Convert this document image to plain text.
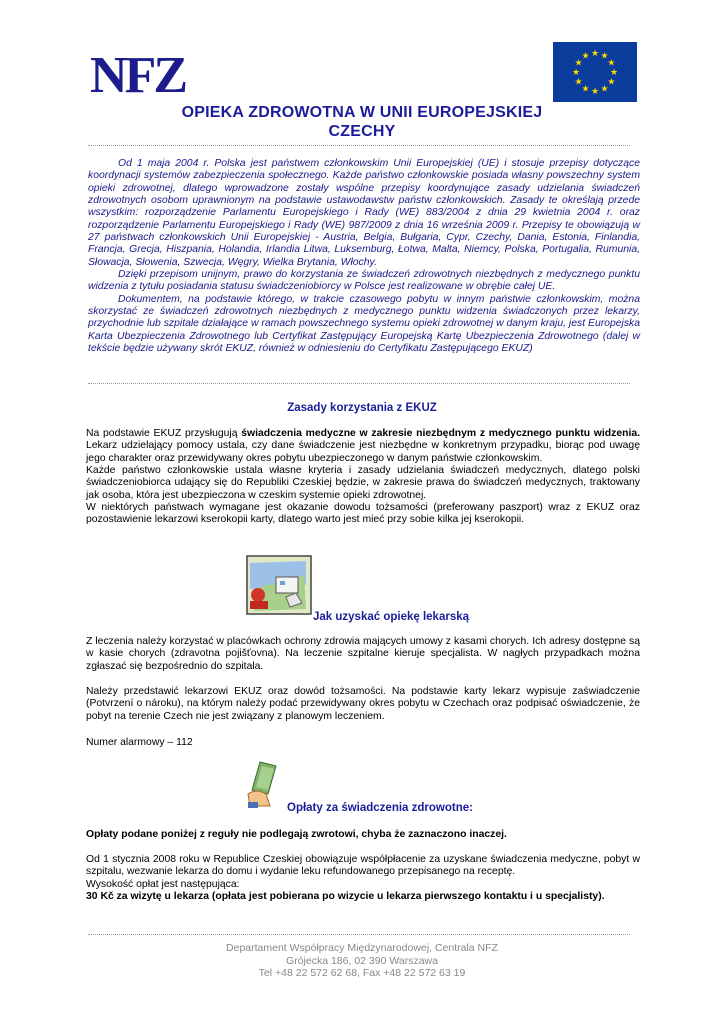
NFZ	★ ★
★
★
★
★
★
★
★
★
★
★
OPIEKA ZDROWOTNA W UNII EUROPEJSKIEJ
CZECHY

Od 1 maja 2004 r. Polska jest państwem członkowskim Unii Europejskiej (UE) i stosuje przepisy dotyczące koordynacji systemów zabezpieczenia społecznego. Każde państwo członkowskie posiada własny powszechny system opieki zdrowotnej, dlatego wprowadzone zostały wspólne przepisy koordynujące zasady udzielania świadczeń zdrowotnych osobom uprawnionym na podstawie ustawodawstw państw członkowskich. Zasady te określają przede wszystkim: rozporządzenie Parlamentu Europejskiego i Rady (WE) 883/2004 z dnia 29 kwietnia 2004 r. oraz rozporządzenie Parlamentu Europejskiego i Rady (WE) 987/2009 z dnia 16 września 2009 r. Przepisy te obowiązują w 27 państwach członkowskich Unii Europejskiej - Austria, Belgia, Bułgaria, Cypr, Czechy, Dania, Estonia, Finlandia, Francja, Grecja, Hiszpania, Holandia, Irlandia Litwa, Luksemburg, Łotwa, Malta, Niemcy, Polska, Portugalia, Rumunia, Słowacja, Słowenia, Szwecja, Węgry, Wielka Brytania, Włochy.

Dzięki przepisom unijnym, prawo do korzystania ze świadczeń zdrowotnych niezbędnych z medycznego punktu widzenia z tytułu posiadania statusu świadczeniobiorcy w Polsce jest realizowane w obrębie całej UE.

Dokumentem, na podstawie którego, w trakcie czasowego pobytu w innym państwie członkowskim, można skorzystać ze świadczeń zdrowotnych niezbędnych z medycznego punktu widzenia świadczonych przez lekarzy, przychodnie lub szpitale działające w ramach powszechnego systemu opieki zdrowotnej w danym kraju, jest Europejska Karta Ubezpieczenia Zdrowotnego lub Certyfikat Zastępujący Europejską Kartę Ubezpieczenia Zdrowotnego (dalej w tekście będzie używany skrót EKUZ, również w odniesieniu do Certyfikatu Zastępującego EKUZ)

Zasady korzystania z EKUZ

Na podstawie EKUZ przysługują świadczenia medyczne w zakresie niezbędnym z medycznego punktu widzenia. Lekarz udzielający pomocy ustala, czy dane świadczenie jest niezbędne w konkretnym przypadku, biorąc pod uwagę jego charakter oraz przewidywany okres pobytu ubezpieczonego w danym państwie członkowskim.

Każde państwo członkowskie ustala własne kryteria i zasady udzielania świadczeń medycznych, dlatego polski świadczeniobiorca udający się do Republiki Czeskiej będzie, w zakresie prawa do świadczeń medycznych, traktowany jak osoba, która jest ubezpieczona w czeskim systemie opieki zdrowotnej.

W niektórych państwach wymagane jest okazanie dowodu tożsamości (preferowany paszport) wraz z EKUZ oraz pozostawienie lekarzowi kserokopii karty, dlatego warto jest mieć przy sobie kilka jej kserokopii.

Jak uzyskać opiekę lekarską

Z leczenia należy korzystać w placówkach ochrony zdrowia mających umowy z kasami chorych. Ich adresy dostępne są w kasie chorych (zdravotna pojišťovna). Na leczenie szpitalne kieruje specjalista. W nagłych przypadkach można zgłaszać się bezpośrednio do szpitala.

Należy przedstawić lekarzowi EKUZ oraz dowód tożsamości. Na podstawie karty lekarz wypisuje zaświadczenie (Potvrzení o nároku), na którym należy podać przewidywany okres pobytu w Czechach oraz podpisać oświadczenie, że pobyt na terenie Czech nie jest związany z planowym leczeniem.

Numer alarmowy – 112

Opłaty za świadczenia zdrowotne:

Opłaty podane poniżej z reguły nie podlegają zwrotowi, chyba że zaznaczono inaczej.

Od 1 stycznia 2008 roku w Republice Czeskiej obowiązuje współpłacenie za uzyskane świadczenia medyczne, pobyt w szpitalu, wezwanie lekarza do domu i wydanie leku refundowanego przepisanego na receptę.

Wysokość opłat jest następująca:

30 Kč za wizytę u lekarza (opłata jest pobierana po wizycie u lekarza pierwszego kontaktu i u specjalisty).

Departament Współpracy Międzynarodowej, Centrala NFZ
Grójecka 186, 02 390 Warszawa
Tel +48 22 572 62 68, Fax +48 22 572 63 19
